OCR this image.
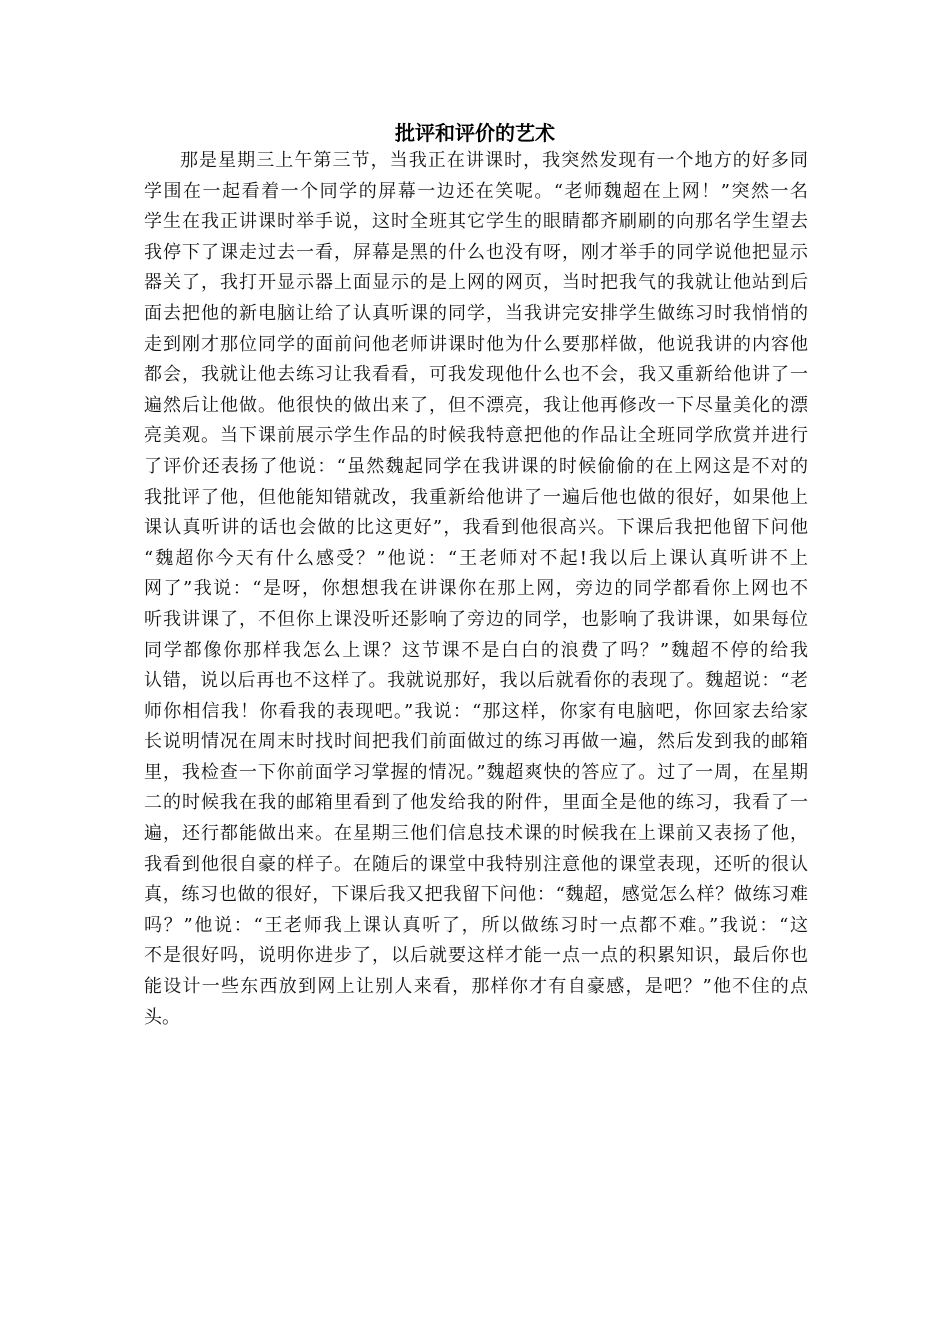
批评和评价的艺术
那是星期三上午第三节，当我正在讲课时，我突然发现有一个地方的好多同
学围在一起看着一个同学的屏幕一边还在笑呢。“老师魏超在上网！”突然一名
学生在我正讲课时举手说，这时全班其它学生的眼睛都齐刷刷的向那名学生望去
我停下了课走过去一看，屏幕是黑的什么也没有呀，刚才举手的同学说他把显示
器关了，我打开显示器上面显示的是上网的网页，当时把我气的我就让他站到后
面去把他的新电脑让给了认真听课的同学，当我讲完安排学生做练习时我悄悄的
走到刚才那位同学的面前问他老师讲课时他为什么要那样做，他说我讲的内容他
都会，我就让他去练习让我看看，可我发现他什么也不会，我又重新给他讲了一
遍然后让他做。他很快的做出来了，但不漂亮，我让他再修改一下尽量美化的漂
亮美观。当下课前展示学生作品的时候我特意把他的作品让全班同学欣赏并进行
了评价还表扬了他说：“虽然魏起同学在我讲课的时候偷偷的在上网这是不对的
我批评了他，但他能知错就改，我重新给他讲了一遍后他也做的很好，如果他上
课认真听讲的话也会做的比这更好”，我看到他很高兴。下课后我把他留下问他
“魏超你今天有什么感受？”他说：“王老师对不起!我以后上课认真听讲不上
网了”我说：“是呀，你想想我在讲课你在那上网，旁边的同学都看你上网也不
听我讲课了，不但你上课没听还影响了旁边的同学，也影响了我讲课，如果每位
同学都像你那样我怎么上课？这节课不是白白的浪费了吗？”魏超不停的给我
认错，说以后再也不这样了。我就说那好，我以后就看你的表现了。魏超说：“老
师你相信我！你看我的表现吧。”我说：“那这样，你家有电脑吧，你回家去给家
长说明情况在周末时找时间把我们前面做过的练习再做一遍，然后发到我的邮箱
里，我检查一下你前面学习掌握的情况。”魏超爽快的答应了。过了一周，在星期
二的时候我在我的邮箱里看到了他发给我的附件，里面全是他的练习，我看了一
遍，还行都能做出来。在星期三他们信息技术课的时候我在上课前又表扬了他，
我看到他很自豪的样子。在随后的课堂中我特别注意他的课堂表现，还听的很认
真，练习也做的很好，下课后我又把我留下问他：“魏超，感觉怎么样？做练习难
吗？”他说：“王老师我上课认真听了，所以做练习时一点都不难。”我说：“这
不是很好吗，说明你进步了，以后就要这样才能一点一点的积累知识，最后你也
能设计一些东西放到网上让别人来看，那样你才有自豪感，是吧？”他不住的点
头。
